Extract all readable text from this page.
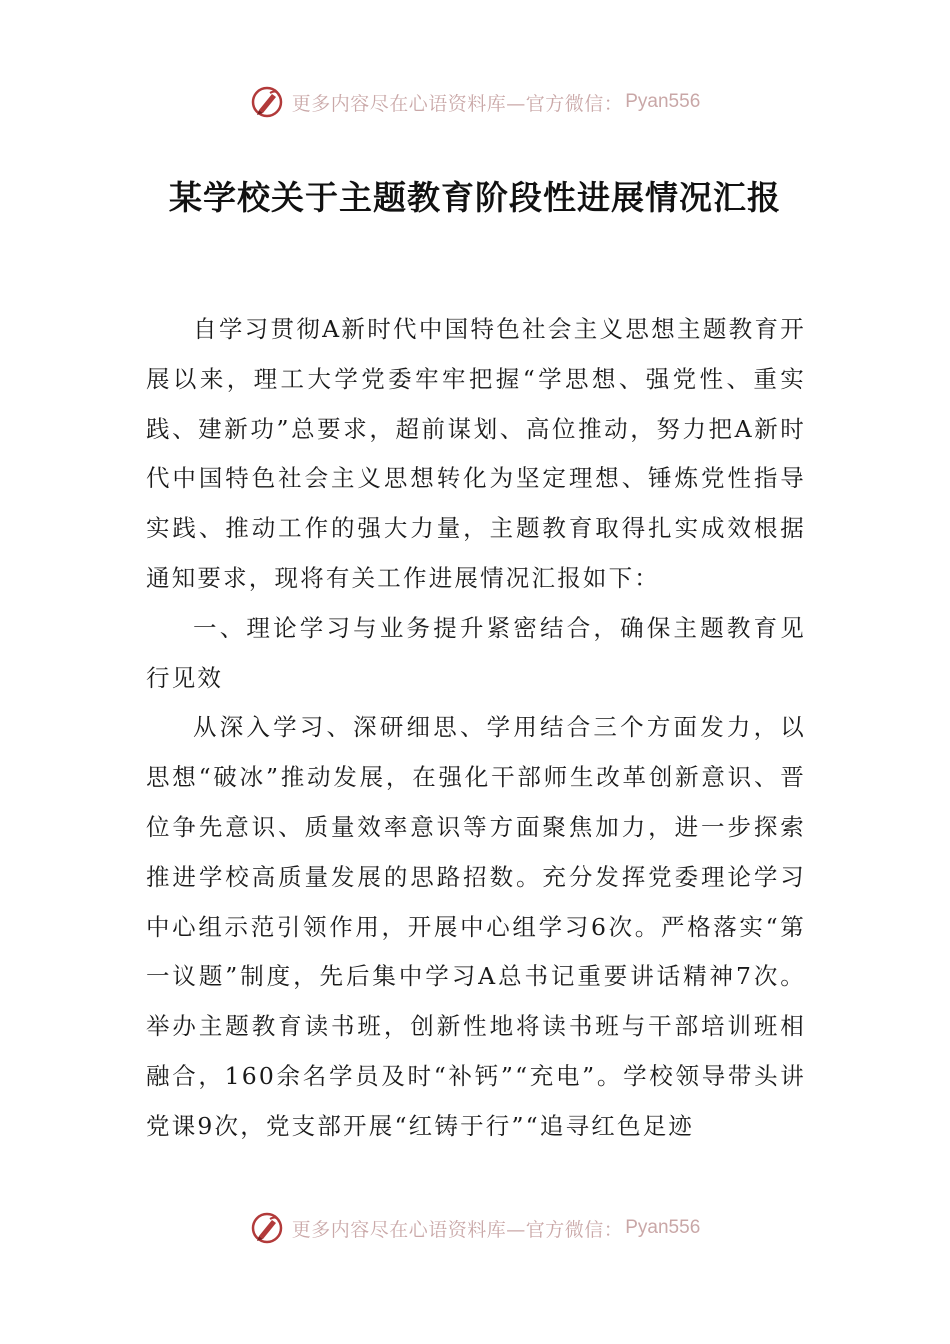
更多内容尽在心语资料库—官方微信： Pyan556
某学校关于主题教育阶段性进展情况汇报

自学习贯彻A新时代中国特色社会主义思想主题教育开展以来，理工大学党委牢牢把握“学思想、强党性、重实践、建新功”总要求，超前谋划、高位推动，努力把A新时代中国特色社会主义思想转化为坚定理想、锤炼党性指导实践、推动工作的强大力量，主题教育取得扎实成效根据通知要求，现将有关工作进展情况汇报如下：

一、理论学习与业务提升紧密结合，确保主题教育见行见效

从深入学习、深研细思、学用结合三个方面发力，以思想“破冰”推动发展，在强化干部师生改革创新意识、晋位争先意识、质量效率意识等方面聚焦加力，进一步探索推进学校高质量发展的思路招数。充分发挥党委理论学习中心组示范引领作用，开展中心组学习6次。严格落实“第一议题”制度，先后集中学习A总书记重要讲话精神7次。举办主题教育读书班，创新性地将读书班与干部培训班相融合，160余名学员及时“补钙”“充电”。学校领导带头讲党课9次，党支部开展“红铸于行”“追寻红色足迹

更多内容尽在心语资料库—官方微信： Pyan556
